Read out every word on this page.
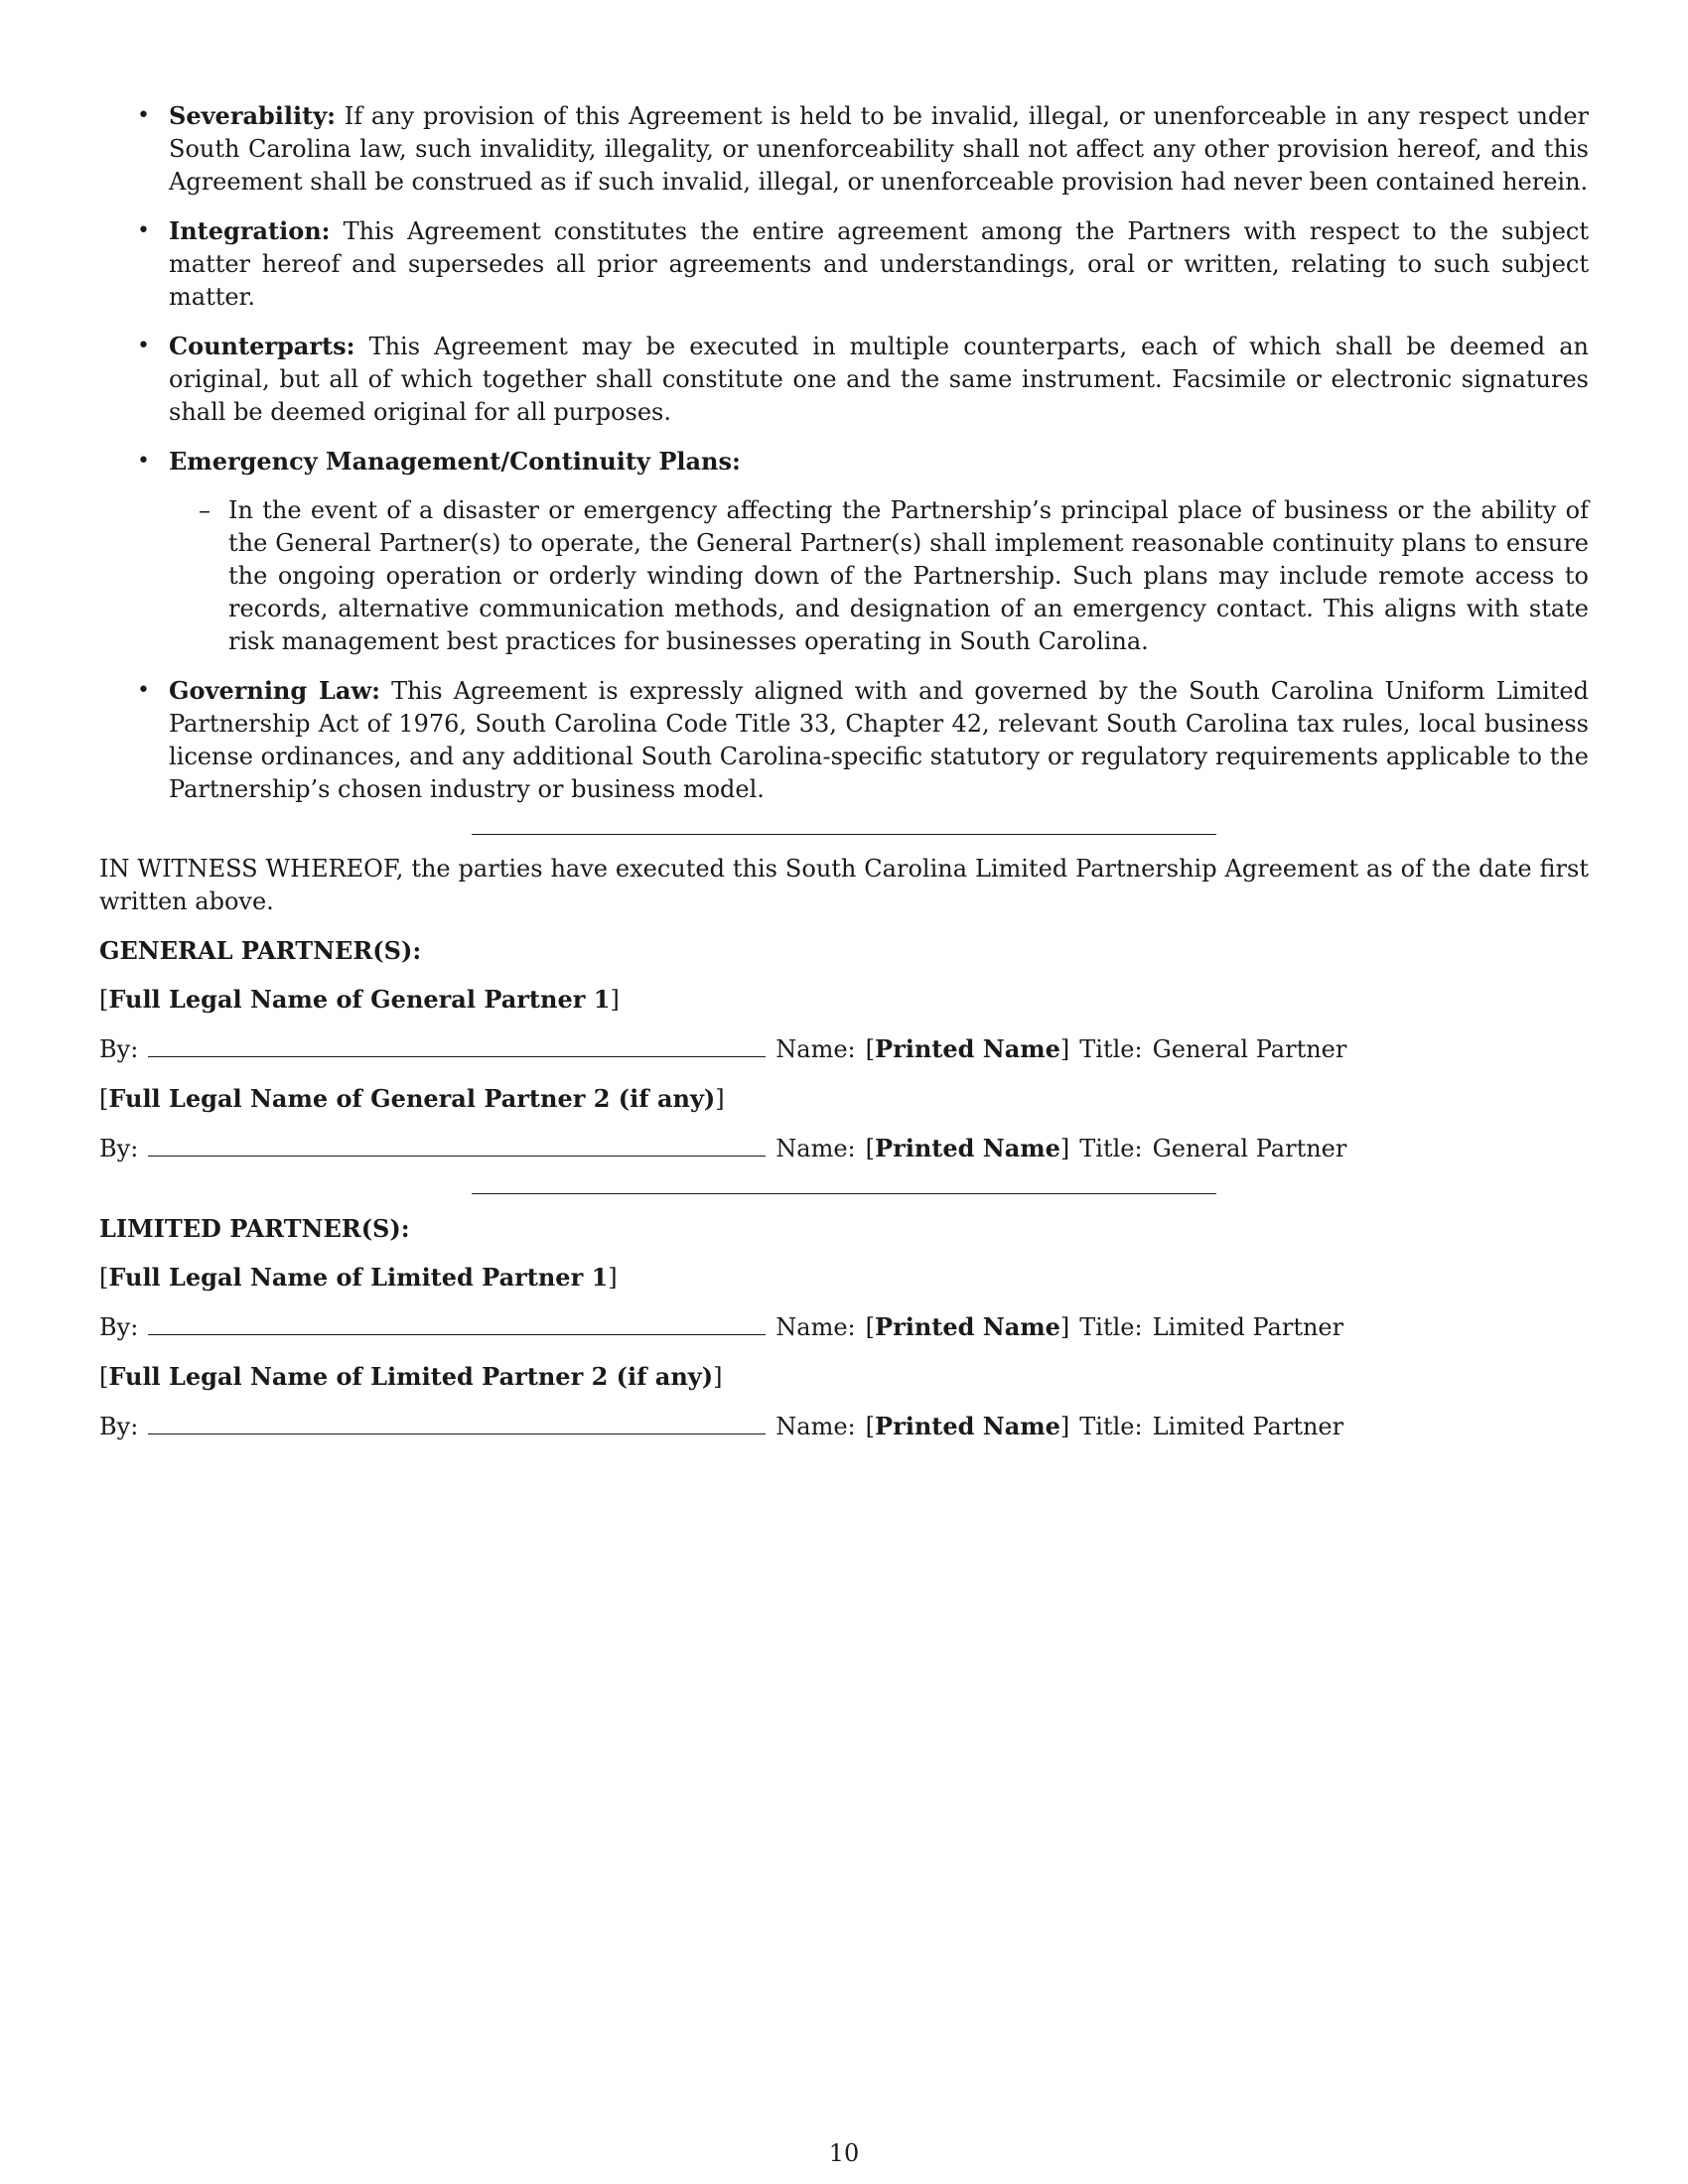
• Severability: If any provision of this Agreement is held to be invalid, illegal, or unenforceable in any respect under South Carolina law, such invalidity, illegality, or unenforceability shall not affect any other provision hereof, and this Agreement shall be construed as if such invalid, illegal, or unenforceable provision had never been contained herein.
• Integration: This Agreement constitutes the entire agreement among the Partners with respect to the subject matter hereof and supersedes all prior agreements and understandings, oral or written, relating to such subject matter.
• Counterparts: This Agreement may be executed in multiple counterparts, each of which shall be deemed an original, but all of which together shall constitute one and the same instrument. Facsimile or electronic signatures shall be deemed original for all purposes.
• Emergency Management/Continuity Plans:
– In the event of a disaster or emergency affecting the Partnership’s principal place of business or the ability of the General Partner(s) to operate, the General Partner(s) shall implement reasonable continuity plans to ensure the ongoing operation or orderly winding down of the Partnership. Such plans may include remote access to records, alternative communication methods, and designation of an emergency contact. This aligns with state risk management best practices for businesses operating in South Carolina.
• Governing Law: This Agreement is expressly aligned with and governed by the South Carolina Uniform Limited Partnership Act of 1976, South Carolina Code Title 33, Chapter 42, relevant South Carolina tax rules, local business license ordinances, and any additional South Carolina-specific statutory or regulatory requirements applicable to the Partnership’s chosen industry or business model.

IN WITNESS WHEREOF, the parties have executed this South Carolina Limited Partnership Agreement as of the date first written above.

GENERAL PARTNER(S):
[Full Legal Name of General Partner 1]
By:	Name: [ Printed Name ] Title: General Partner
[Full Legal Name of General Partner 2 (if any)]
By:	Name: [ Printed Name ] Title: General Partner
LIMITED PARTNER(S):
[Full Legal Name of Limited Partner 1]
By:	Name: [ Printed Name ] Title: Limited Partner
[Full Legal Name of Limited Partner 2 (if any)]
By:	Name: [ Printed Name ] Title: Limited Partner
10
